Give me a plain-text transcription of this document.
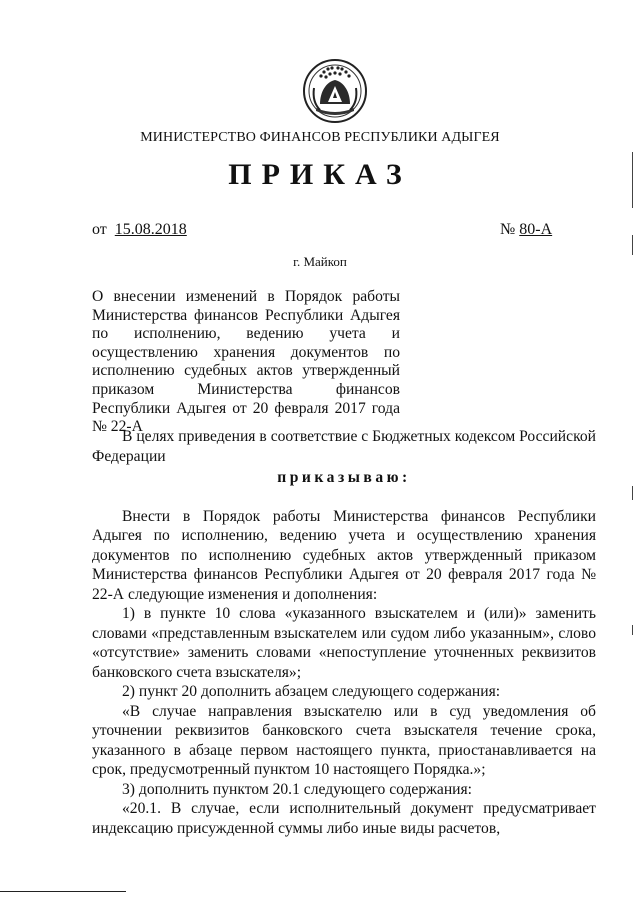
МИНИСТЕРСТВО ФИНАНСОВ РЕСПУБЛИКИ АДЫГЕЯ
ПРИКАЗ
от 15.08.2018	№ 80-А
г. Майкоп
О внесении изменений в Порядок работы Министерства финансов Республики Адыгея по исполнению, ведению учета и осуществлению хранения документов по исполнению судебных актов утвержденный приказом Министерства финансов Республики Адыгея от 20 февраля 2017 года № 22-А

В целях приведения в соответствие с Бюджетных кодексом Российской Федерации

приказываю:

Внести в Порядок работы Министерства финансов Республики Адыгея по исполнению, ведению учета и осуществлению хранения документов по исполнению судебных актов утвержденный приказом Министерства финансов Республики Адыгея от 20 февраля 2017 года № 22-А следующие изменения и дополнения:

1) в пункте 10 слова «указанного взыскателем и (или)» заменить словами «представленным взыскателем или судом либо указанным», слово «отсутствие» заменить словами «непоступление уточненных реквизитов банковского счета взыскателя»;

2) пункт 20 дополнить абзацем следующего содержания:

«В случае направления взыскателю или в суд уведомления об уточнении реквизитов банковского счета взыскателя течение срока, указанного в абзаце первом настоящего пункта, приостанавливается на срок, предусмотренный пунктом 10 настоящего Порядка.»;

3) дополнить пунктом 20.1 следующего содержания:

«20.1. В случае, если исполнительный документ предусматривает индексацию присужденной суммы либо иные виды расчетов,
